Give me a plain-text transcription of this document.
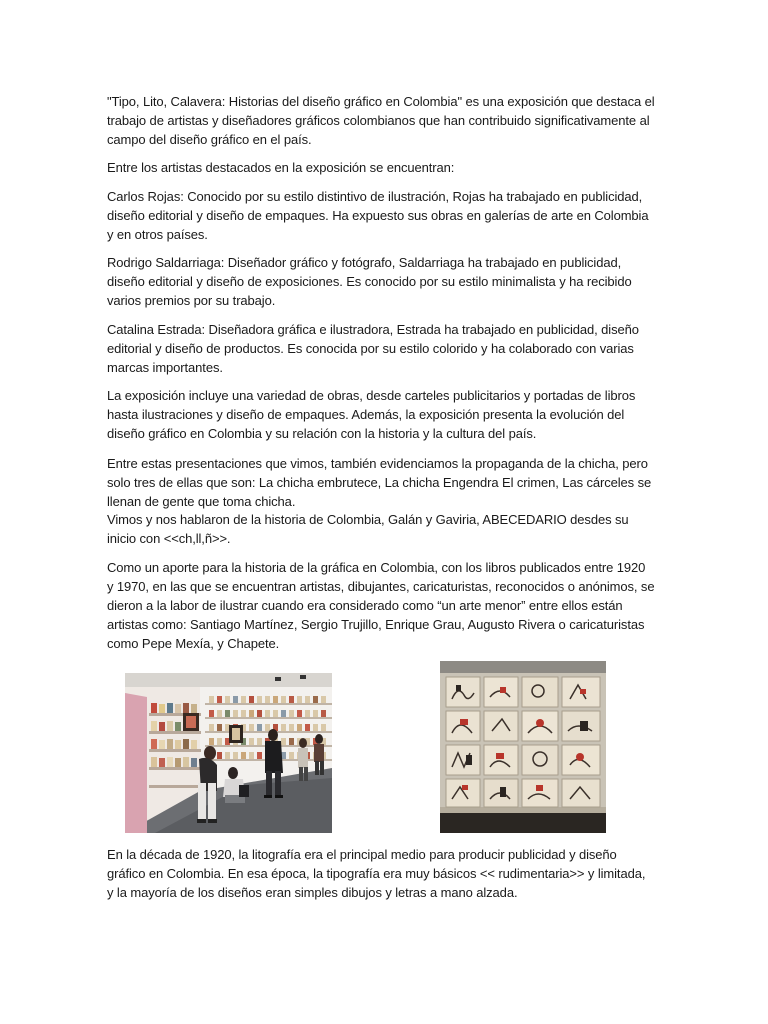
"Tipo, Lito, Calavera: Historias del diseño gráfico en Colombia" es una exposición que destaca el trabajo de artistas y diseñadores gráficos colombianos que han contribuido significativamente al campo del diseño gráfico en el país.

Entre los artistas destacados en la exposición se encuentran:

Carlos Rojas: Conocido por su estilo distintivo de ilustración, Rojas ha trabajado en publicidad, diseño editorial y diseño de empaques. Ha expuesto sus obras en galerías de arte en Colombia y en otros países.

Rodrigo Saldarriaga: Diseñador gráfico y fotógrafo, Saldarriaga ha trabajado en publicidad, diseño editorial y diseño de exposiciones. Es conocido por su estilo minimalista y ha recibido varios premios por su trabajo.

Catalina Estrada: Diseñadora gráfica e ilustradora, Estrada ha trabajado en publicidad, diseño editorial y diseño de productos. Es conocida por su estilo colorido y ha colaborado con varias marcas importantes.

La exposición incluye una variedad de obras, desde carteles publicitarios y portadas de libros hasta ilustraciones y diseño de empaques. Además, la exposición presenta la evolución del diseño gráfico en Colombia y su relación con la historia y la cultura del país.

Entre estas presentaciones que vimos, también evidenciamos la propaganda de la chicha, pero solo tres de ellas que son: La chicha embrutece, La chicha Engendra El crimen, Las cárceles se llenan de gente que toma chicha.

Vimos y nos hablaron de la historia de Colombia, Galán y Gaviria, ABECEDARIO desdes su inicio con <<ch,ll,ñ>>.

Como un aporte para la historia de la gráfica en Colombia, con los libros publicados entre 1920 y 1970, en las que se encuentran artistas, dibujantes, caricaturistas, reconocidos o anónimos, se dieron a la labor de ilustrar cuando era considerado como “un arte menor” entre ellos están artistas como: Santiago Martínez, Sergio Trujillo, Enrique Grau, Augusto Rivera o caricaturistas como Pepe Mexía, y Chapete.

En la década de 1920, la litografía era el principal medio para producir publicidad y diseño gráfico en Colombia. En esa época, la tipografía era muy básicos << rudimentaria>> y limitada, y la mayoría de los diseños eran simples dibujos y letras a mano alzada.
